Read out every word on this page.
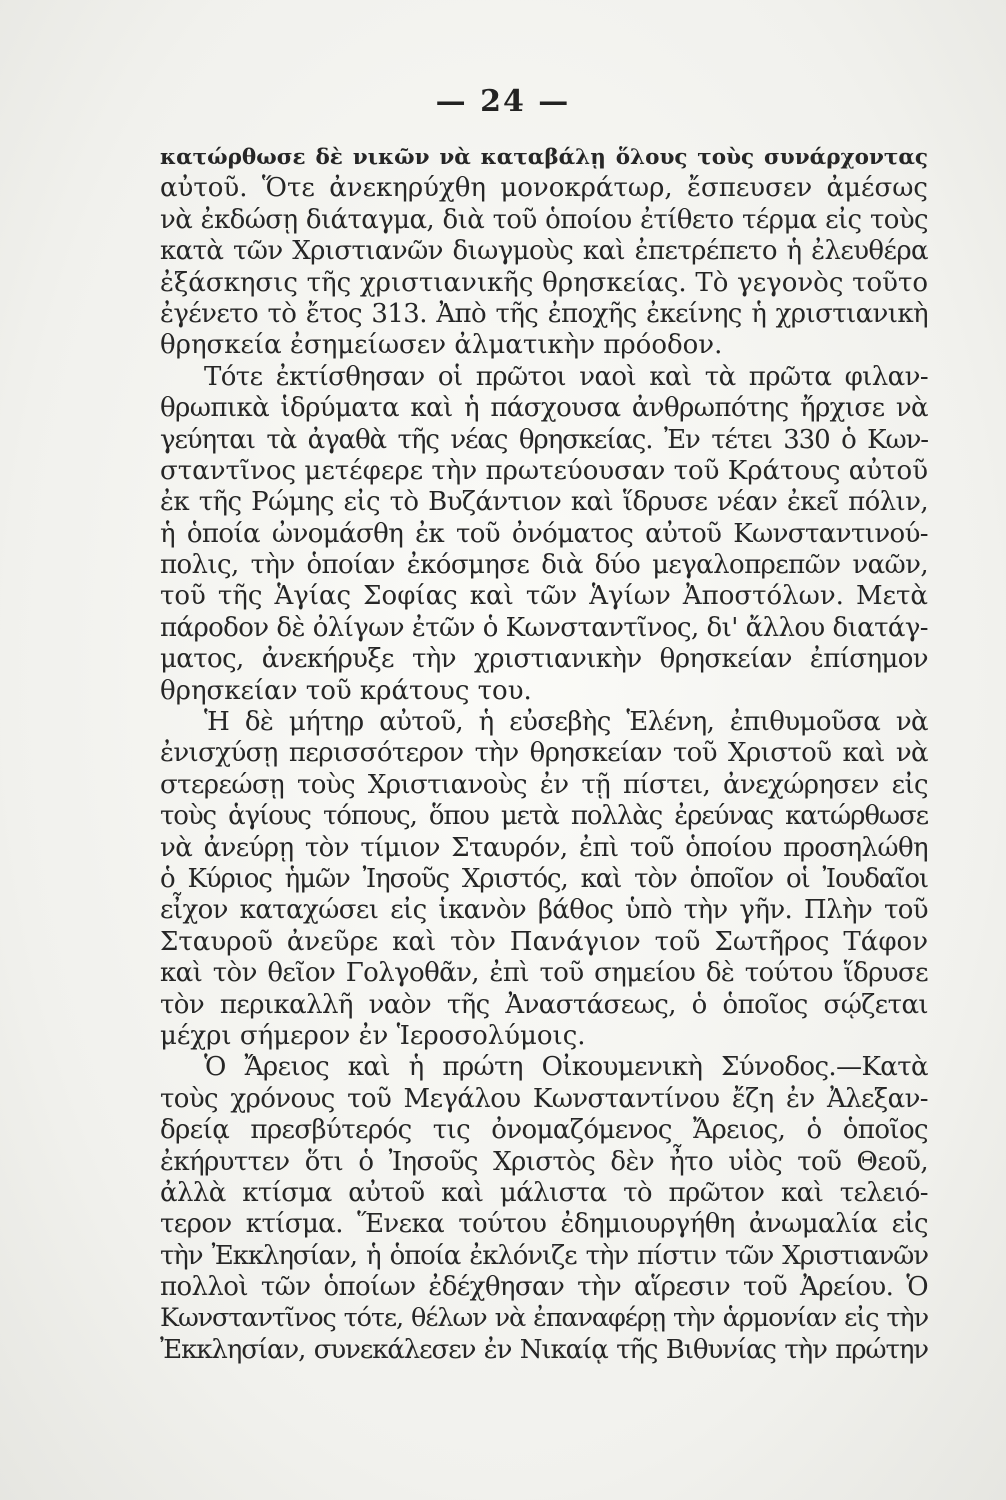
— 24 —
κατώρθωσε δὲ νικῶν νὰ καταβάλῃ ὅλους τοὺς συνάρχοντας
αὐτοῦ. Ὅτε ἀνεκηρύχθη μονοκράτωρ, ἔσπευσεν ἀμέσως
νὰ ἐκδώσῃ διάταγμα, διὰ τοῦ ὁποίου ἐτίθετο τέρμα εἰς τοὺς
κατὰ τῶν Χριστιανῶν διωγμοὺς καὶ ἐπετρέπετο ἡ ἐλευθέρα
ἐξάσκησις τῆς χριστιανικῆς θρησκείας. Τὸ γεγονὸς τοῦτο
ἐγένετο τὸ ἔτος 313. Ἀπὸ τῆς ἐποχῆς ἐκείνης ἡ χριστιανικὴ
θρησκεία ἐσημείωσεν ἀλματικὴν πρόοδον.
Τότε ἐκτίσθησαν οἱ πρῶτοι ναοὶ καὶ τὰ πρῶτα φιλαν-
θρωπικὰ ἱδρύματα καὶ ἡ πάσχουσα ἀνθρωπότης ἤρχισε νὰ
γεύηται τὰ ἀγαθὰ τῆς νέας θρησκείας. Ἐν τέτει 330 ὁ Κων-
σταντῖνος μετέφερε τὴν πρωτεύουσαν τοῦ Κράτους αὐτοῦ
ἐκ τῆς Ρώμης εἰς τὸ Βυζάντιον καὶ ἵδρυσε νέαν ἐκεῖ πόλιν,
ἡ ὁποία ὠνομάσθη ἐκ τοῦ ὀνόματος αὐτοῦ Κωνσταντινού-
πολις, τὴν ὁποίαν ἐκόσμησε διὰ δύο μεγαλοπρεπῶν ναῶν,
τοῦ τῆς Ἁγίας Σοφίας καὶ τῶν Ἁγίων Ἀποστόλων. Μετὰ
πάροδον δὲ ὀλίγων ἐτῶν ὁ Κωνσταντῖνος, δι' ἄλλου διατάγ-
ματος, ἀνεκήρυξε τὴν χριστιανικὴν θρησκείαν ἐπίσημον
θρησκείαν τοῦ κράτους του.
Ἡ δὲ μήτηρ αὐτοῦ, ἡ εὐσεβὴς Ἑλένη, ἐπιθυμοῦσα νὰ
ἐνισχύσῃ περισσότερον τὴν θρησκείαν τοῦ Χριστοῦ καὶ νὰ
στερεώσῃ τοὺς Χριστιανοὺς ἐν τῇ πίστει, ἀνεχώρησεν εἰς
τοὺς ἁγίους τόπους, ὅπου μετὰ πολλὰς ἐρεύνας κατώρθωσε
νὰ ἀνεύρῃ τὸν τίμιον Σταυρόν, ἐπὶ τοῦ ὁποίου προσηλώθη
ὁ Κύριος ἡμῶν Ἰησοῦς Χριστός, καὶ τὸν ὁποῖον οἱ Ἰουδαῖοι
εἶχον καταχώσει εἰς ἱκανὸν βάθος ὑπὸ τὴν γῆν. Πλὴν τοῦ
Σταυροῦ ἀνεῦρε καὶ τὸν Πανάγιον τοῦ Σωτῆρος Τάφον
καὶ τὸν θεῖον Γολγοθᾶν, ἐπὶ τοῦ σημείου δὲ τούτου ἵδρυσε
τὸν περικαλλῆ ναὸν τῆς Ἀναστάσεως, ὁ ὁποῖος σῴζεται
μέχρι σήμερον ἐν Ἱεροσολύμοις.
Ὁ Ἄρειος καὶ ἡ πρώτη Οἰκουμενικὴ Σύνοδος.—Κατὰ
τοὺς χρόνους τοῦ Μεγάλου Κωνσταντίνου ἔζη ἐν Ἀλεξαν-
δρείᾳ πρεσβύτερός τις ὀνομαζόμενος Ἄρειος, ὁ ὁποῖος
ἐκήρυττεν ὅτι ὁ Ἰησοῦς Χριστὸς δὲν ἦτο υἱὸς τοῦ Θεοῦ,
ἀλλὰ κτίσμα αὐτοῦ καὶ μάλιστα τὸ πρῶτον καὶ τελειό-
τερον κτίσμα. Ἕνεκα τούτου ἐδημιουργήθη ἀνωμαλία εἰς
τὴν Ἐκκλησίαν, ἡ ὁποία ἐκλόνιζε τὴν πίστιν τῶν Χριστιανῶν
πολλοὶ τῶν ὁποίων ἐδέχθησαν τὴν αἵρεσιν τοῦ Ἀρείου. Ὁ
Κωνσταντῖνος τότε, θέλων νὰ ἐπαναφέρῃ τὴν ἁρμονίαν εἰς τὴν
Ἐκκλησίαν, συνεκάλεσεν ἐν Νικαίᾳ τῆς Βιθυνίας τὴν πρώτην
